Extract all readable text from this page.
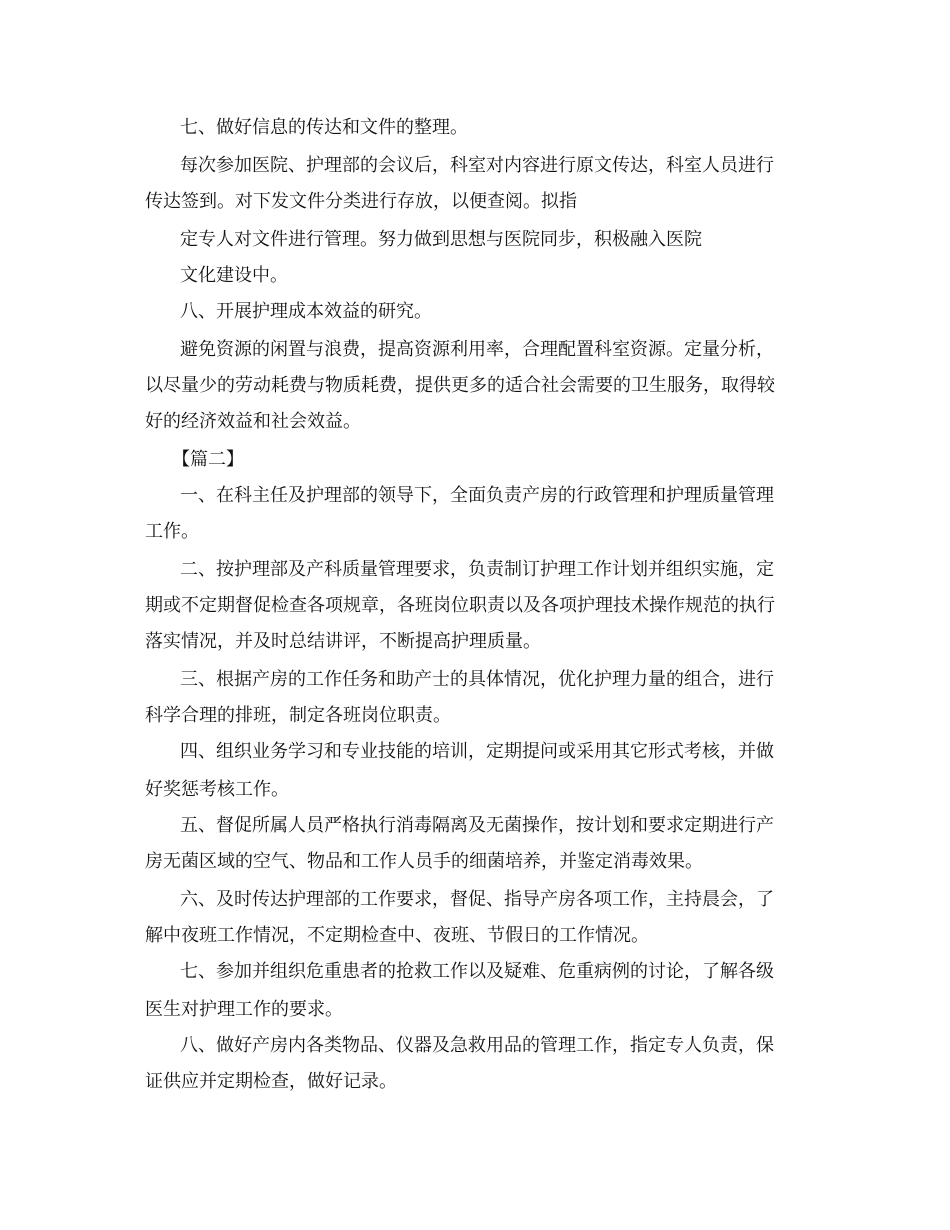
七、做好信息的传达和文件的整理。
每次参加医院、护理部的会议后，科室对内容进行原文传达，科室人员进行
传达签到。对下发文件分类进行存放，以便查阅。拟指
定专人对文件进行管理。努力做到思想与医院同步，积极融入医院
文化建设中。
八、开展护理成本效益的研究。
避免资源的闲置与浪费，提高资源利用率，合理配置科室资源。定量分析，
以尽量少的劳动耗费与物质耗费，提供更多的适合社会需要的卫生服务，取得较
好的经济效益和社会效益。
【篇二】
一、在科主任及护理部的领导下，全面负责产房的行政管理和护理质量管理
工作。
二、按护理部及产科质量管理要求，负责制订护理工作计划并组织实施，定
期或不定期督促检查各项规章，各班岗位职责以及各项护理技术操作规范的执行
落实情况，并及时总结讲评，不断提高护理质量。
三、根据产房的工作任务和助产士的具体情况，优化护理力量的组合，进行
科学合理的排班，制定各班岗位职责。
四、组织业务学习和专业技能的培训，定期提问或采用其它形式考核，并做
好奖惩考核工作。
五、督促所属人员严格执行消毒隔离及无菌操作，按计划和要求定期进行产
房无菌区域的空气、物品和工作人员手的细菌培养，并鉴定消毒效果。
六、及时传达护理部的工作要求，督促、指导产房各项工作，主持晨会，了
解中夜班工作情况，不定期检查中、夜班、节假日的工作情况。
七、参加并组织危重患者的抢救工作以及疑难、危重病例的讨论，了解各级
医生对护理工作的要求。
八、做好产房内各类物品、仪器及急救用品的管理工作，指定专人负责，保
证供应并定期检查，做好记录。
